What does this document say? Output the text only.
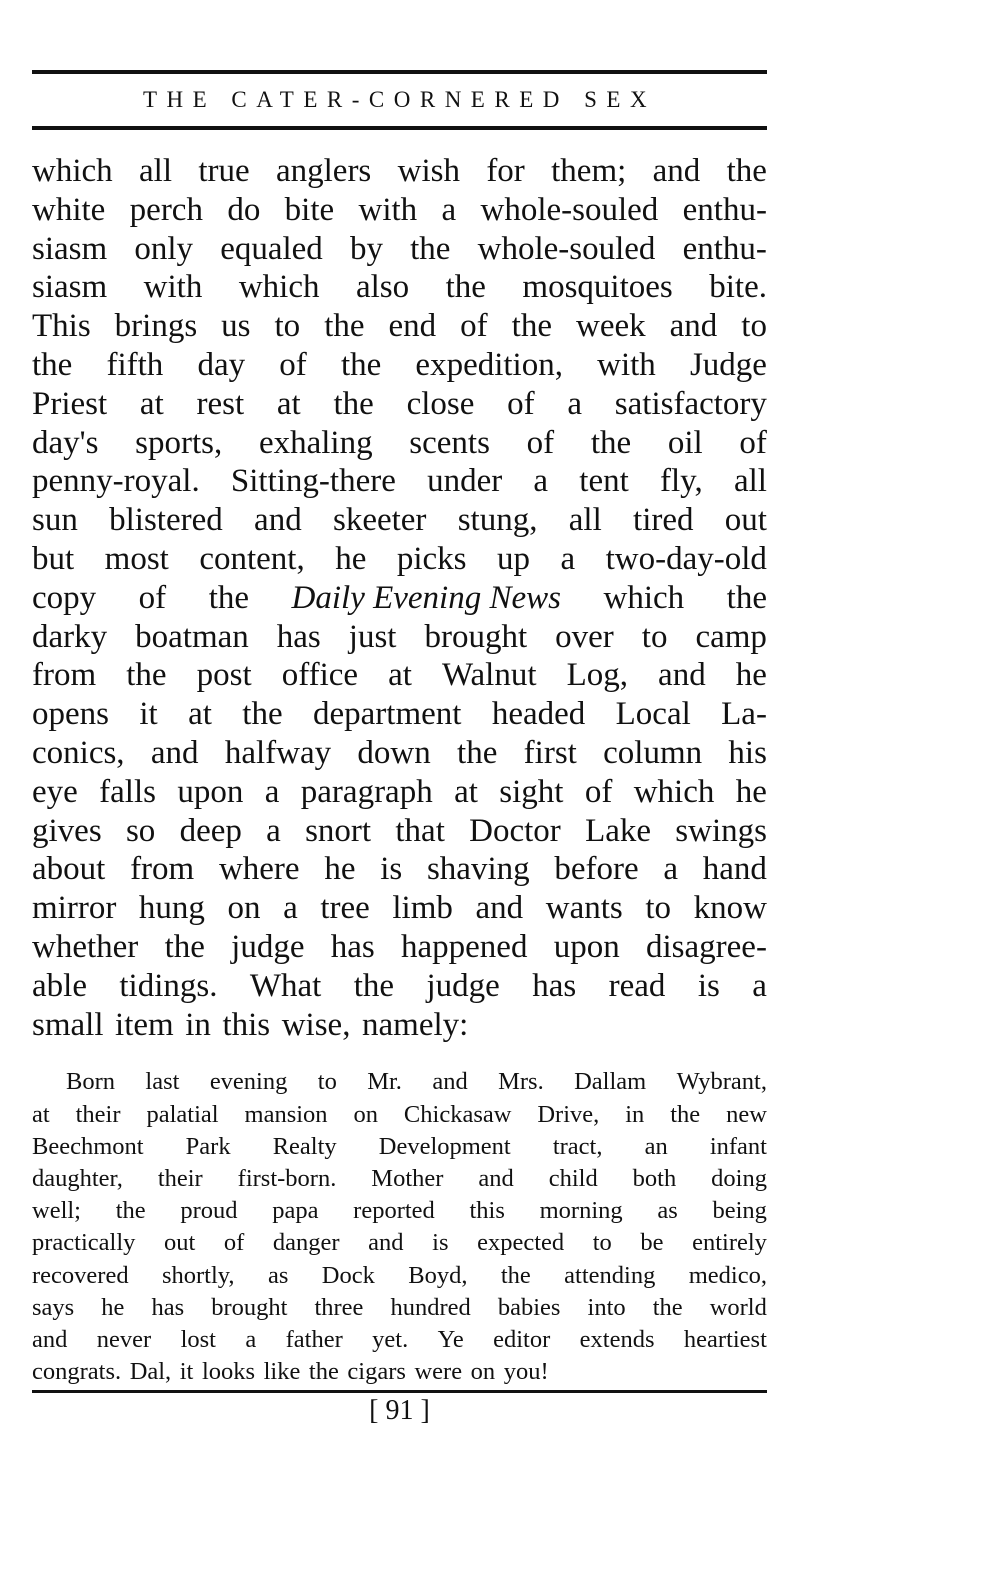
THE CATER-CORNERED SEX
which all true anglers wish for them; and the
white perch do bite with a whole-souled enthu-
siasm only equaled by the whole-souled enthu-
siasm with which also the mosquitoes bite.
This brings us to the end of the week and to
the fifth day of the expedition, with Judge
Priest at rest at the close of a satisfactory
day's sports, exhaling scents of the oil of
penny-royal. Sitting-there under a tent fly, all
sun blistered and skeeter stung, all tired out
but most content, he picks up a two-day-old
copy of the Daily Evening News which the
darky boatman has just brought over to camp
from the post office at Walnut Log, and he
opens it at the department headed Local La-
conics, and halfway down the first column his
eye falls upon a paragraph at sight of which he
gives so deep a snort that Doctor Lake swings
about from where he is shaving before a hand
mirror hung on a tree limb and wants to know
whether the judge has happened upon disagree-
able tidings. What the judge has read is a
small item in this wise, namely:
Born last evening to Mr. and Mrs. Dallam Wybrant,
at their palatial mansion on Chickasaw Drive, in the new
Beechmont Park Realty Development tract, an infant
daughter, their first-born. Mother and child both doing
well; the proud papa reported this morning as being
practically out of danger and is expected to be entirely
recovered shortly, as Dock Boyd, the attending medico,
says he has brought three hundred babies into the world
and never lost a father yet. Ye editor extends heartiest
congrats. Dal, it looks like the cigars were on you!
[ 91 ]
